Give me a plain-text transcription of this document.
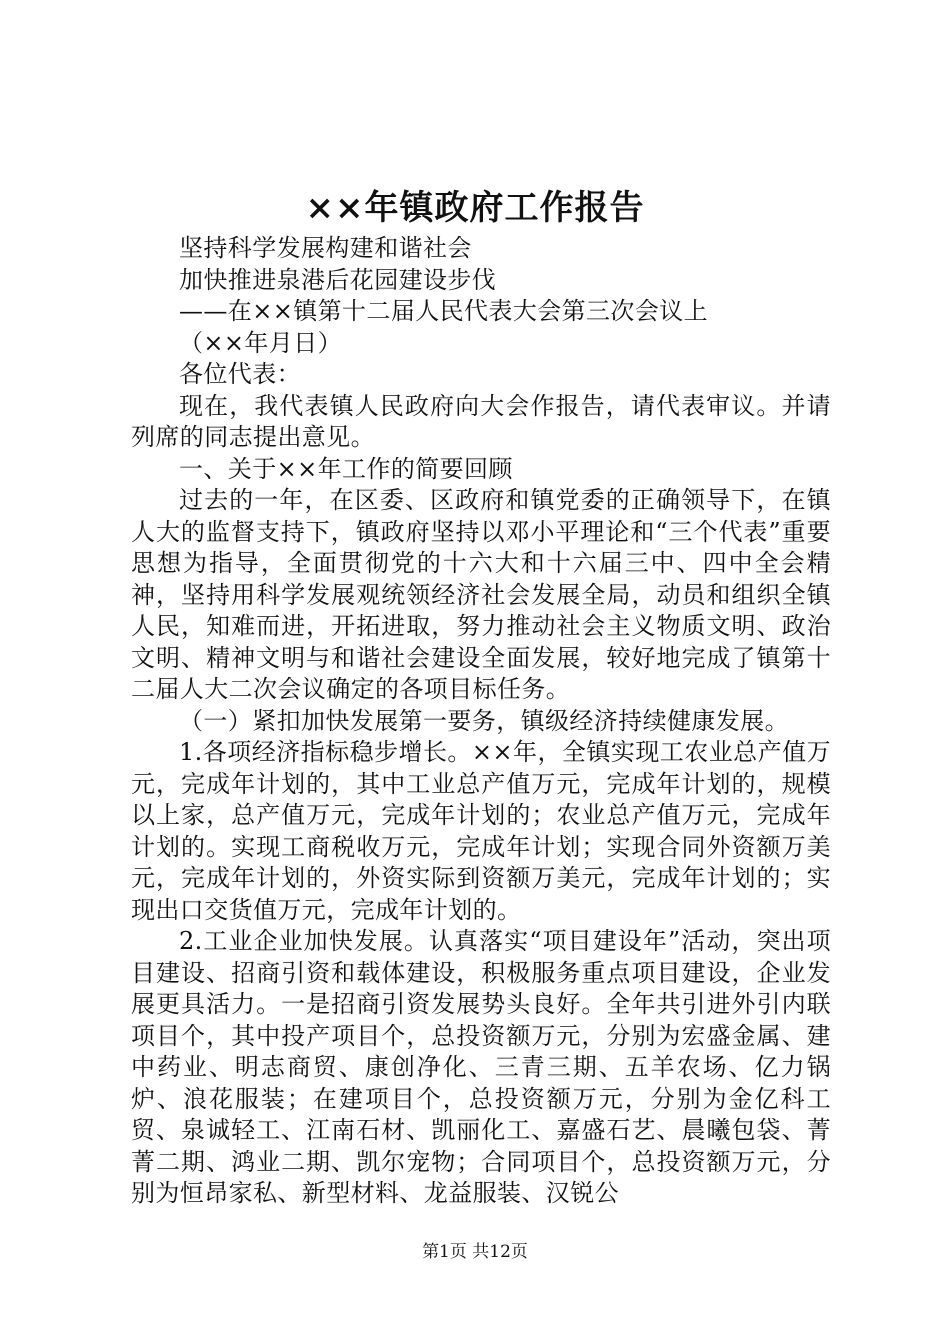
××年镇政府工作报告

坚持科学发展构建和谐社会

加快推进泉港后花园建设步伐

——在××镇第十二届人民代表大会第三次会议上

（××年月日）

各位代表：

现在，我代表镇人民政府向大会作报告，请代表审议。并请列席的同志提出意见。

一、关于××年工作的简要回顾

过去的一年，在区委、区政府和镇党委的正确领导下，在镇人大的监督支持下，镇政府坚持以邓小平理论和“三个代表”重要思想为指导，全面贯彻党的十六大和十六届三中、四中全会精神，坚持用科学发展观统领经济社会发展全局，动员和组织全镇人民，知难而进，开拓进取，努力推动社会主义物质文明、政治文明、精神文明与和谐社会建设全面发展，较好地完成了镇第十二届人大二次会议确定的各项目标任务。

（一）紧扣加快发展第一要务，镇级经济持续健康发展。

1.各项经济指标稳步增长。××年，全镇实现工农业总产值万元，完成年计划的，其中工业总产值万元，完成年计划的，规模以上家，总产值万元，完成年计划的；农业总产值万元，完成年计划的。实现工商税收万元，完成年计划；实现合同外资额万美元，完成年计划的，外资实际到资额万美元，完成年计划的；实现出口交货值万元，完成年计划的。

2.工业企业加快发展。认真落实“项目建设年”活动，突出项目建设、招商引资和载体建设，积极服务重点项目建设，企业发展更具活力。一是招商引资发展势头良好。全年共引进外引内联项目个，其中投产项目个，总投资额万元，分别为宏盛金属、建中药业、明志商贸、康创净化、三青三期、五羊农场、亿力锅炉、浪花服装；在建项目个，总投资额万元，分别为金亿科工贸、泉诚轻工、江南石材、凯丽化工、嘉盛石艺、晨曦包袋、菁菁二期、鸿业二期、凯尔宠物；合同项目个，总投资额万元，分别为恒昂家私、新型材料、龙益服装、汉锐公

第1页 共12页
